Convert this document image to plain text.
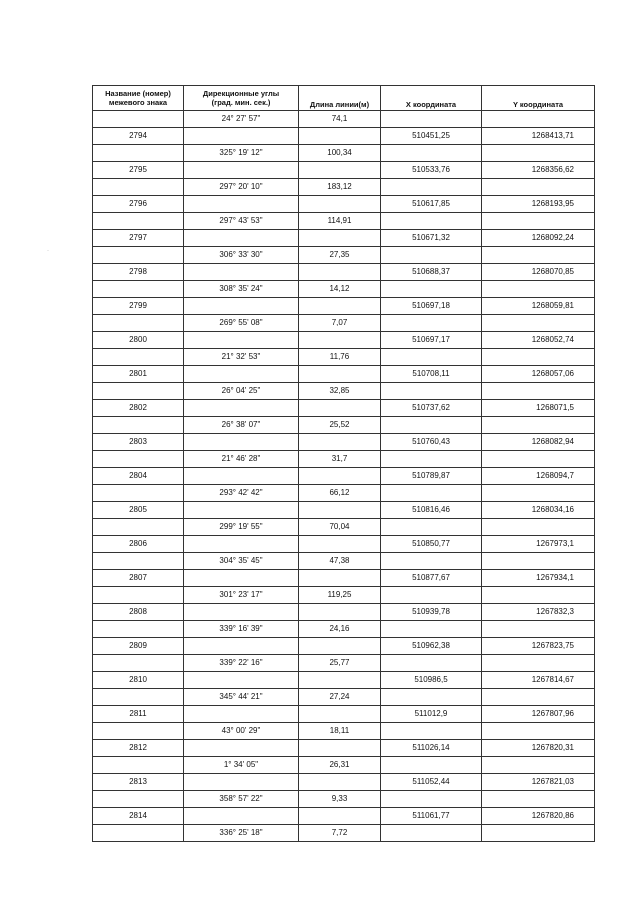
·
Название (номер)
межевого знака	Дирекционные углы
(град. мин. сек.)	Длина линии(м)	X координата	Y координата
	24° 27' 57"	74,1		
2794			510451,25	1268413,71
	325° 19' 12"	100,34		
2795			510533,76	1268356,62
	297° 20' 10"	183,12		
2796			510617,85	1268193,95
	297° 43' 53"	114,91		
2797			510671,32	1268092,24
	306° 33' 30"	27,35		
2798			510688,37	1268070,85
	308° 35' 24"	14,12		
2799			510697,18	1268059,81
	269° 55' 08"	7,07		
2800			510697,17	1268052,74
	21° 32' 53"	11,76		
2801			510708,11	1268057,06
	26° 04' 25"	32,85		
2802			510737,62	1268071,5
	26° 38' 07"	25,52		
2803			510760,43	1268082,94
	21° 46' 28"	31,7		
2804			510789,87	1268094,7
	293° 42' 42"	66,12		
2805			510816,46	1268034,16
	299° 19' 55"	70,04		
2806			510850,77	1267973,1
	304° 35' 45"	47,38		
2807			510877,67	1267934,1
	301° 23' 17"	119,25		
2808			510939,78	1267832,3
	339° 16' 39"	24,16		
2809			510962,38	1267823,75
	339° 22' 16"	25,77		
2810			510986,5	1267814,67
	345° 44' 21"	27,24		
2811			511012,9	1267807,96
	43° 00' 29"	18,11		
2812			511026,14	1267820,31
	1° 34' 05"	26,31		
2813			511052,44	1267821,03
	358° 57' 22"	9,33		
2814			511061,77	1267820,86
	336° 25' 18"	7,72		
